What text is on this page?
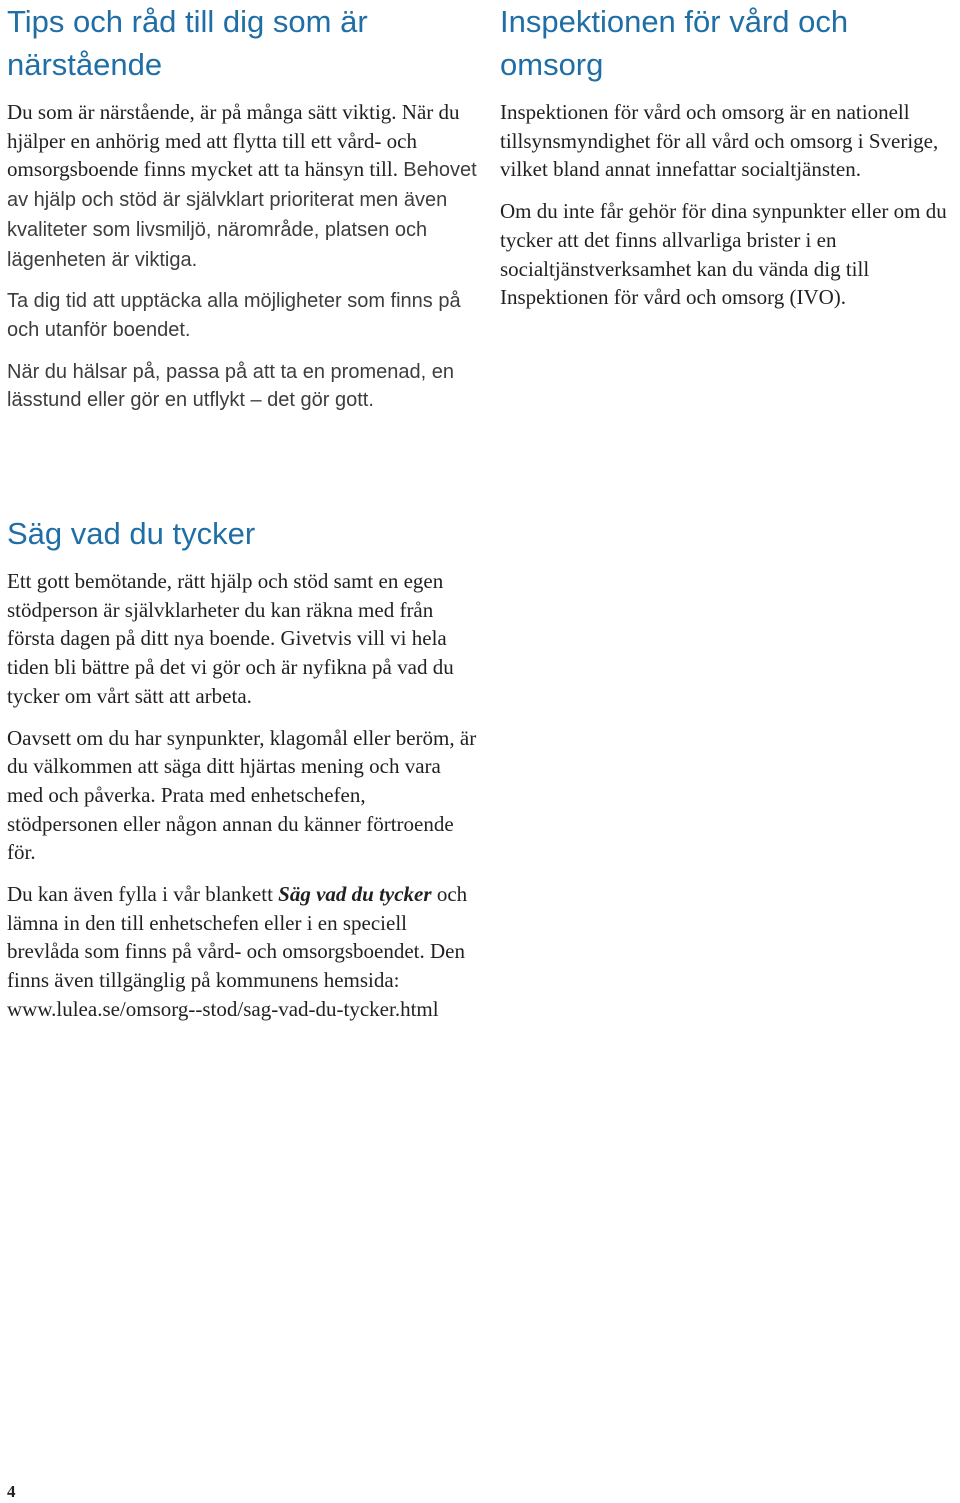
Tips och råd till dig som är närstående

Du som är närstående, är på många sätt viktig. När du hjälper en anhörig med att flytta till ett vård- och omsorgsboende finns mycket att ta hänsyn till. Behovet av hjälp och stöd är självklart prioriterat men även kvaliteter som livsmiljö, närområde, platsen och lägenheten är viktiga.

Ta dig tid att upptäcka alla möjligheter som finns på och utanför boendet.

När du hälsar på, passa på att ta en promenad, en lässtund eller gör en utflykt – det gör gott.

Inspektionen för vård och omsorg

Inspektionen för vård och omsorg är en nationell tillsynsmyndighet för all vård och omsorg i Sverige, vilket bland annat innefattar socialtjänsten.

Om du inte får gehör för dina synpunkter eller om du tycker att det finns allvarliga brister i en socialtjänstverksamhet kan du vända dig till Inspektionen för vård och omsorg (IVO).

Säg vad du tycker

Ett gott bemötande, rätt hjälp och stöd samt en egen stödperson är självklarheter du kan räkna med från första dagen på ditt nya boende. Givetvis vill vi hela tiden bli bättre på det vi gör och är nyfikna på vad du tycker om vårt sätt att arbeta.

Oavsett om du har synpunkter, klagomål eller beröm, är du välkommen att säga ditt hjärtas mening och vara med och påverka. Prata med enhetschefen, stödpersonen eller någon annan du känner förtroende för.

Du kan även fylla i vår blankett Säg vad du tycker och lämna in den till enhetschefen eller i en speciell brevlåda som finns på vård- och omsorgsboendet. Den finns även tillgänglig på kommunens hemsida: www.lulea.se/omsorg--stod/sag-vad-du-tycker.html

4
